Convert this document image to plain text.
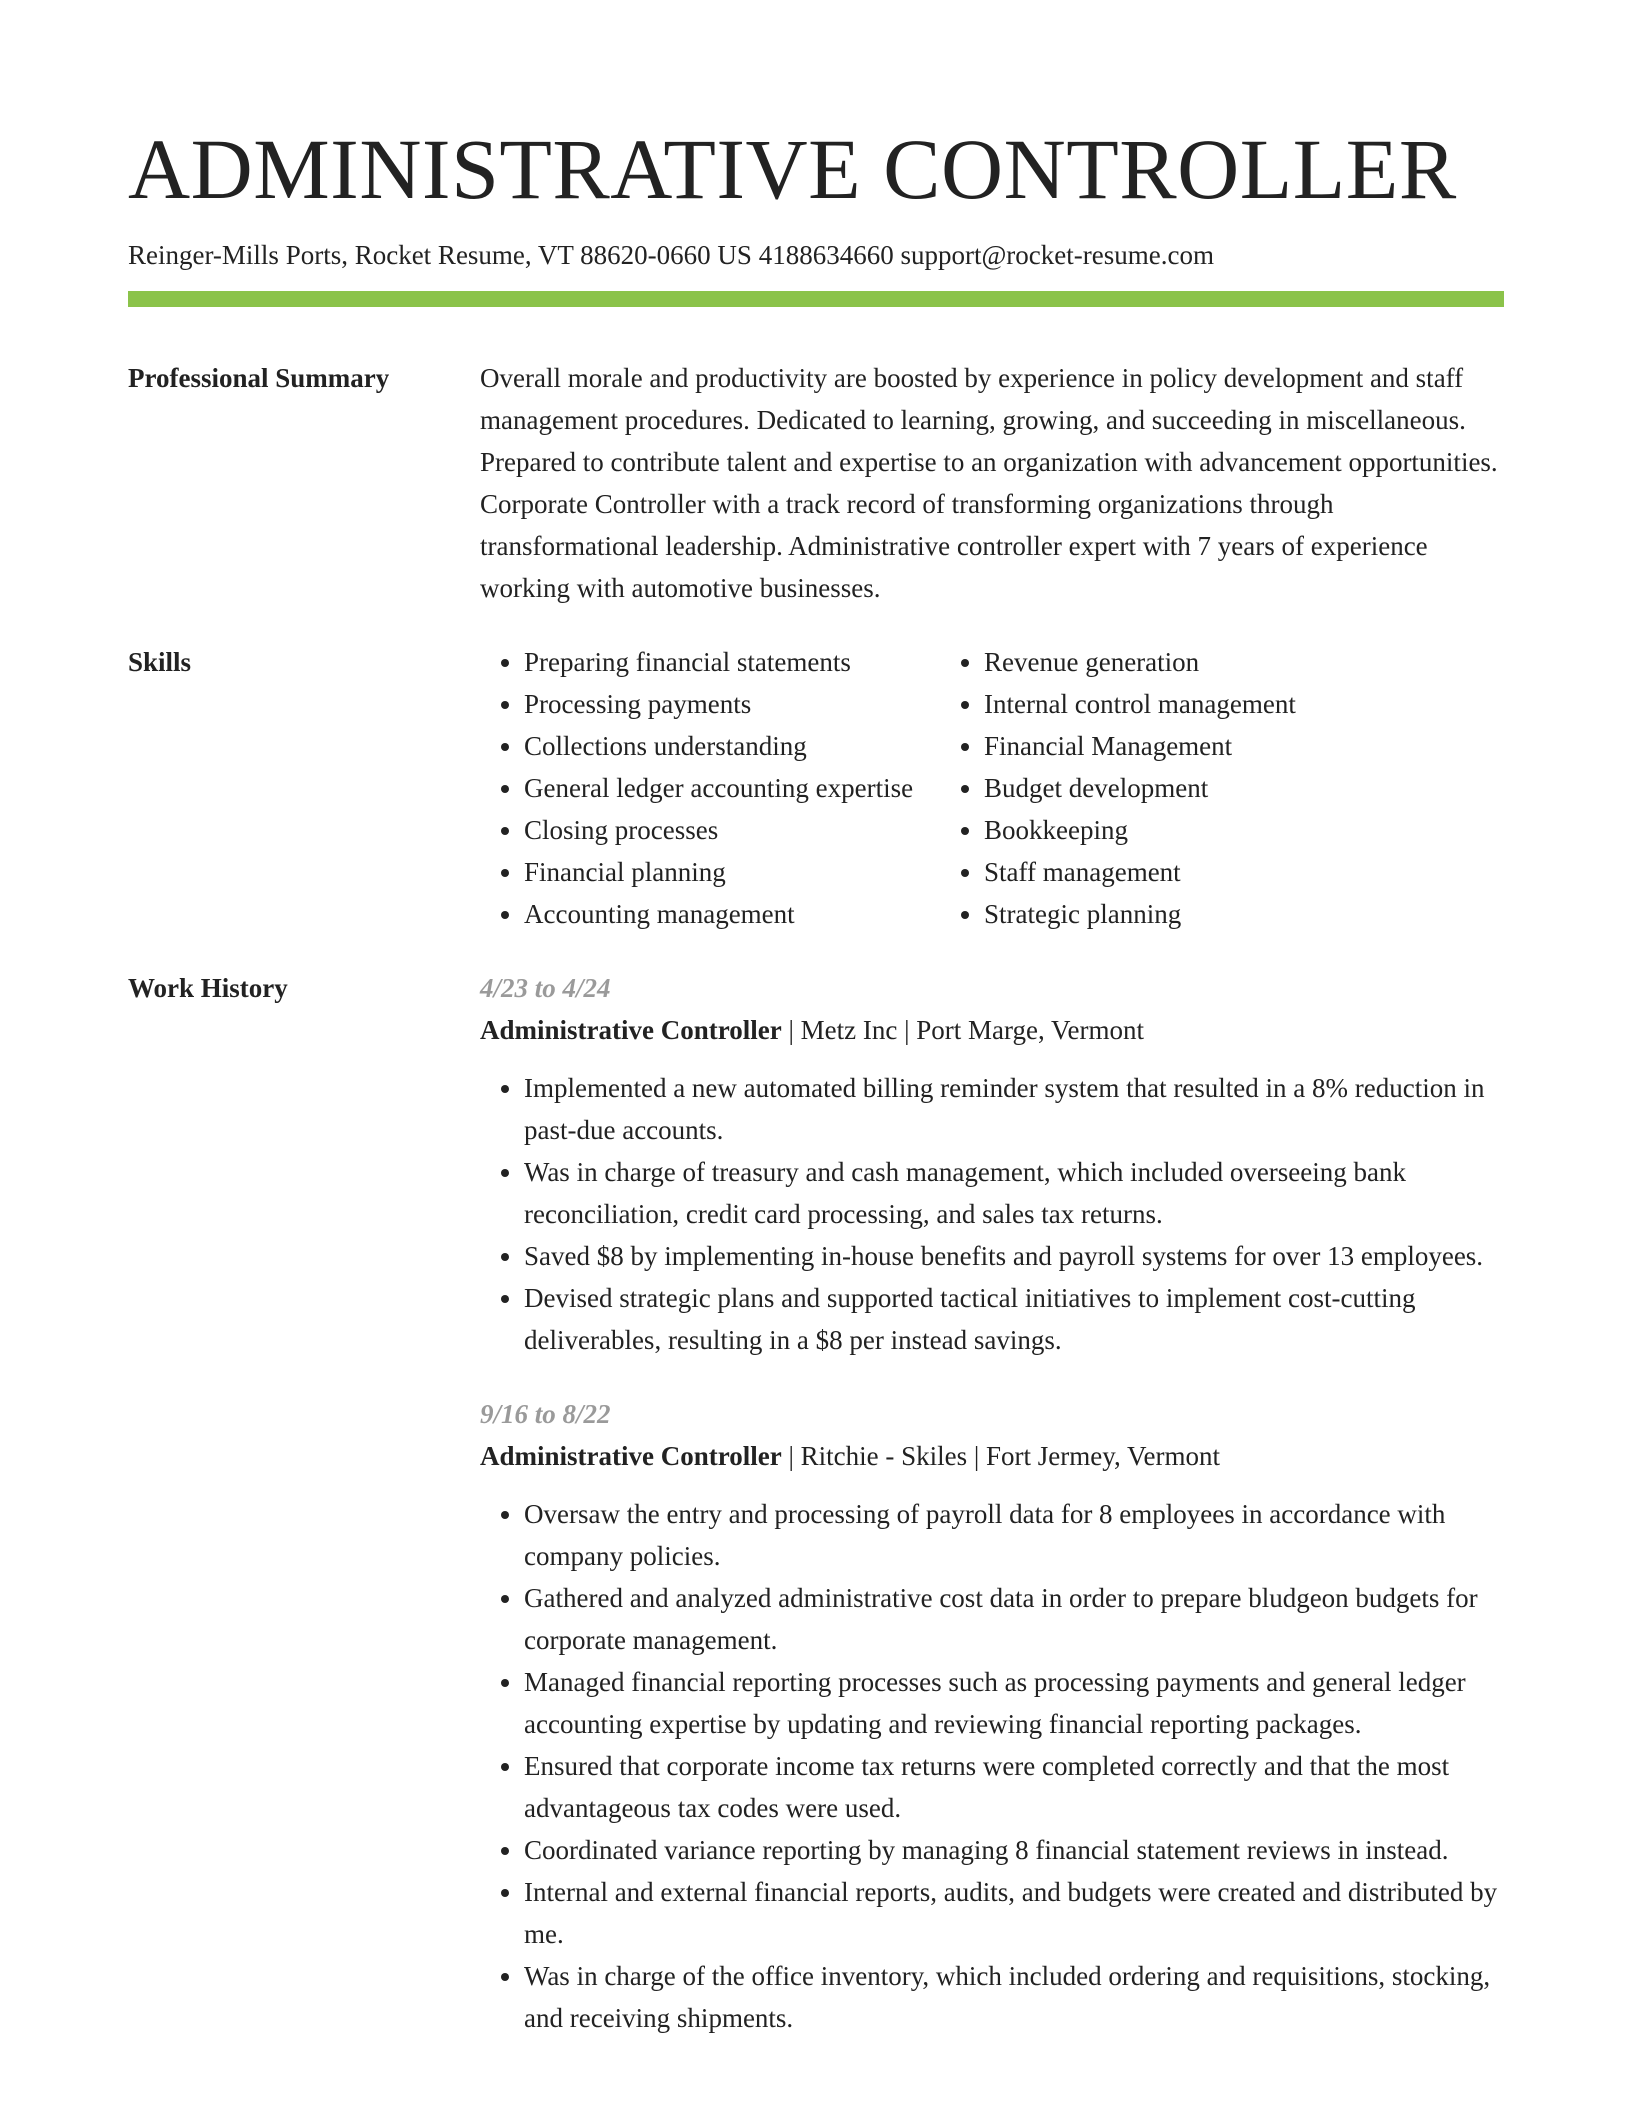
ADMINISTRATIVE CONTROLLER
Reinger-Mills Ports, Rocket Resume, VT 88620-0660 US 4188634660 support@rocket-resume.com
Professional Summary	Overall morale and productivity are boosted by experience in policy development and staff management procedures. Dedicated to learning, growing, and succeeding in miscellaneous. Prepared to contribute talent and expertise to an organization with advancement opportunities. Corporate Controller with a track record of transforming organizations through transformational leadership. Administrative controller expert with 7 years of experience working with automotive businesses.

Skills
•	Preparing financial statements
• Processing payments
• Collections understanding
• General ledger accounting expertise
• Closing processes
• Financial planning
• Accounting management
• Revenue generation
• Internal control management
• Financial Management
• Budget development
• Bookkeeping
• Staff management
• Strategic planning
Work History	4/23 to 4/24
Administrative Controller | Metz Inc | Port Marge, Vermont
• Implemented a new automated billing reminder system that resulted in a 8% reduction in past-due accounts.
• Was in charge of treasury and cash management, which included overseeing bank reconciliation, credit card processing, and sales tax returns.
• Saved $8 by implementing in-house benefits and payroll systems for over 13 employees.
• Devised strategic plans and supported tactical initiatives to implement cost-cutting deliverables, resulting in a $8 per instead savings.
9/16 to 8/22
Administrative Controller | Ritchie - Skiles | Fort Jermey, Vermont
• Oversaw the entry and processing of payroll data for 8 employees in accordance with company policies.
• Gathered and analyzed administrative cost data in order to prepare bludgeon budgets for corporate management.
• Managed financial reporting processes such as processing payments and general ledger accounting expertise by updating and reviewing financial reporting packages.
• Ensured that corporate income tax returns were completed correctly and that the most advantageous tax codes were used.
• Coordinated variance reporting by managing 8 financial statement reviews in instead.
• Internal and external financial reports, audits, and budgets were created and distributed by me.
• Was in charge of the office inventory, which included ordering and requisitions, stocking, and receiving shipments.
